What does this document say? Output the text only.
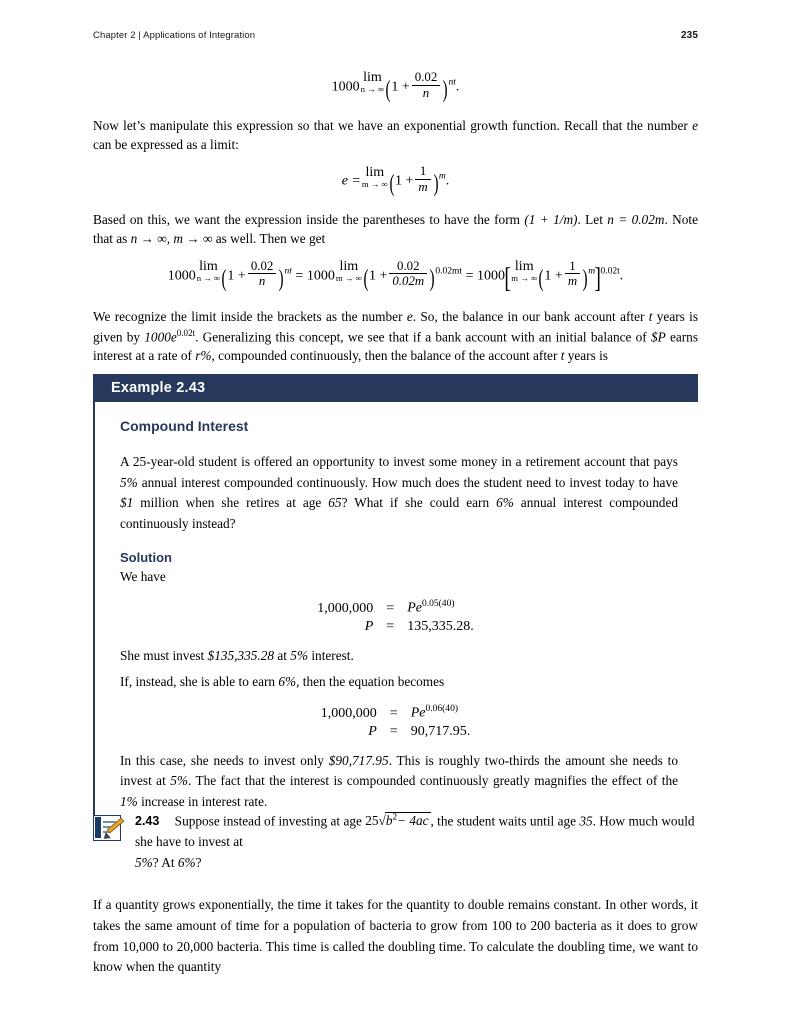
Chapter 2 | Applications of Integration	235
1000
lim
n → ∞ $(1 + \frac{0.02}{n} )^{nt}$.

Now let’s manipulate this expression so that we have an exponential growth function. Recall that the number e can be expressed as a limit:

e =
lim
m → ∞ $(1 + \frac{1}{m} )^m$.

Based on this, we want the expression inside the parentheses to have the form (1 + 1/m). Let n = 0.02m. Note that as n → ∞, m → ∞ as well. Then we get

1000
lim
n → ∞ $(1 + \frac{0.02}{n} )^{nt} = 1000$
lim
m → ∞ $(1 + \frac{0.02}{0.02m} )^{0.02mt} = 1000$[ lim
m → ∞ $(1 + \frac{1}{m} )^m]^{0.02t}$.

We recognize the limit inside the brackets as the number e. So, the balance in our bank account after t years is given by $1000e^{0.02t}$. Generalizing this concept, we see that if a bank account with an initial balance of $P earns interest at a rate of r%, compounded continuously, then the balance of the account after t years is

Example 2.43
Compound Interest

A 25-year-old student is offered an opportunity to invest some money in a retirement account that pays 5% annual interest compounded continuously. How much does the student need to invest today to have $1 million when she retires at age 65? What if she could earn 6% annual interest compounded continuously instead?

Solution

We have

1,000,000	=	$Pe^{0.05(40)}$
P	=	135,335.28.

She must invest $135,335.28 at 5% interest.

If, instead, she is able to earn 6%, then the equation becomes

1,000,000	=	$Pe^{0.06(40)}$
P	=	90,717.95.

In this case, she needs to invest only $90,717.95. This is roughly two-thirds the amount she needs to invest at 5%. The fact that the interest is compounded continuously greatly magnifies the effect of the 1% increase in interest rate.

2.43 Suppose instead of investing at age $25√b^2- 4ac$ , the student waits until age 35. How much would she have to invest at
5%? At 6%?

If a quantity grows exponentially, the time it takes for the quantity to double remains constant. In other words, it takes the same amount of time for a population of bacteria to grow from 100 to 200 bacteria as it does to grow from 10,000 to 20,000 bacteria. This time is called the doubling time. To calculate the doubling time, we want to know when the quantity
